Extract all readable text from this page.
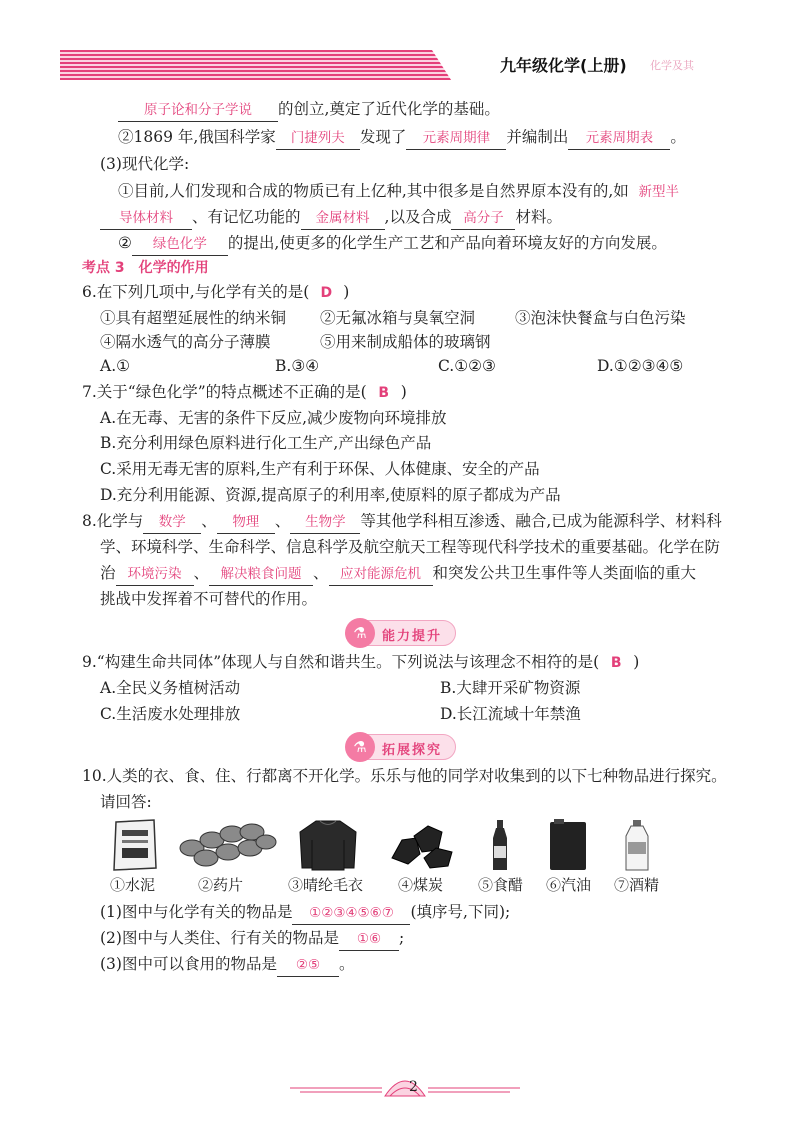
九年级化学(上册) 化学及其
原子论和分子学说 的创立,奠定了近代化学的基础。
②1869 年,俄国科学家 门捷列夫 发现了 元素周期律 并编制出 元素周期表 。
(3)现代化学:
①目前,人们发现和合成的物质已有上亿种,其中很多是自然界原本没有的,如 新型半
导体材料 、有记忆功能的 金属材料 ,以及合成 高分子 材料。
② 绿色化学 的提出,使更多的化学生产工艺和产品向着环境友好的方向发展。
考点 3　化学的作用
6.在下列几项中,与化学有关的是( D )
①具有超塑延展性的纳米铜 ②无氟冰箱与臭氧空洞	③泡沫快餐盒与白色污染
④隔水透气的高分子薄膜	⑤用来制成船体的玻璃钢
A.①	B.③④	C.①②③	D.①②③④⑤
7.关于“绿色化学”的特点概述不正确的是( B )
A.在无毒、无害的条件下反应,减少废物向环境排放
B.充分利用绿色原料进行化工生产,产出绿色产品
C.采用无毒无害的原料,生产有利于环保、人体健康、安全的产品
D.充分利用能源、资源,提高原子的利用率,使原料的原子都成为产品
8.化学与 数学 、 物理 、 生物学 等其他学科相互渗透、融合,已成为能源科学、材料科
学、环境科学、生命科学、信息科学及航空航天工程等现代科学技术的重要基础。化学在防
治 环境污染 、 解决粮食问题 、 应对能源危机 和突发公共卫生事件等人类面临的重大
挑战中发挥着不可替代的作用。
⚗	能力提升
9.“构建生命共同体”体现人与自然和谐共生。下列说法与该理念不相符的是( B )
A.全民义务植树活动	B.大肆开采矿物资源
C.生活废水处理排放	D.长江流域十年禁渔
⚗	拓展探究
10.人类的衣、食、住、行都离不开化学。乐乐与他的同学对收集到的以下七种物品进行探究。
请回答:
①水泥	②药片	③晴纶毛衣 ④煤炭 ⑤食醋 ⑥汽油 ⑦酒精
(1)图中与化学有关的物品是 ①②③④⑤⑥⑦ (填序号,下同);
(2)图中与人类住、行有关的物品是 ①⑥ ;
(3)图中可以食用的物品是 ②⑤ 。
2
